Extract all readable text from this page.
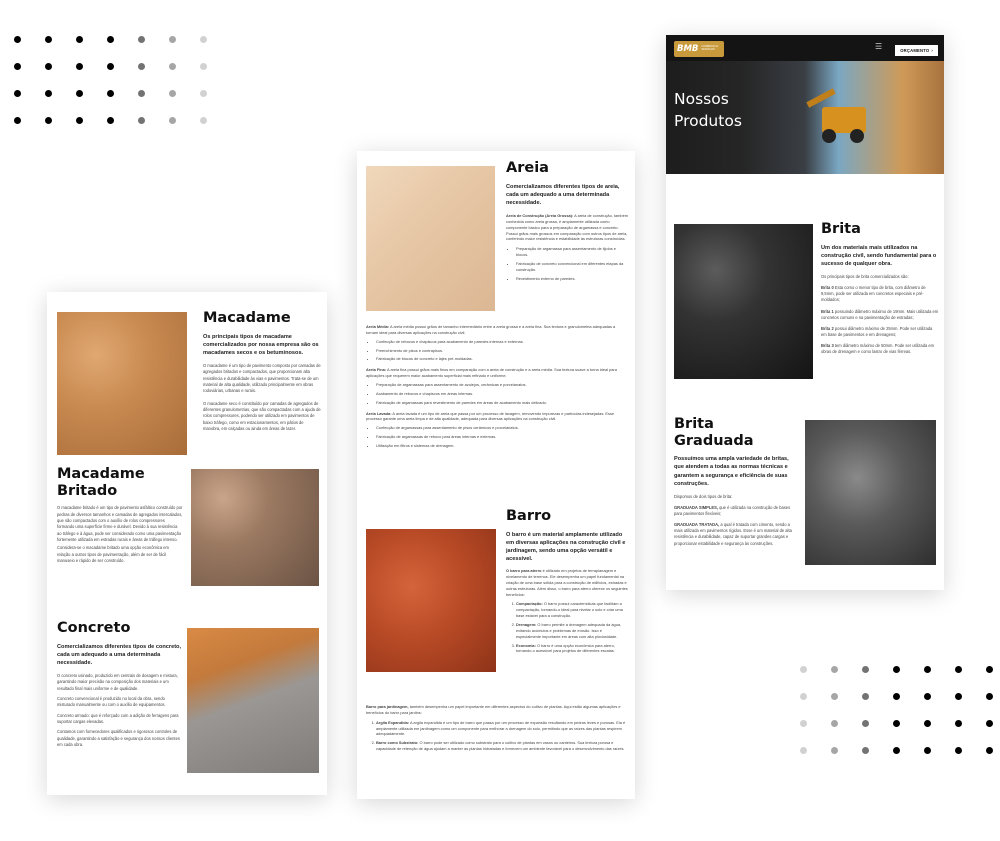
Macadame
Os principais tipos de macadame comercializados por nossa empresa são os macadames secos e os betuminosos.
O macadame é um tipo de pavimento composto por camadas de agregados britados e compactados, que proporcionam alta resistência e durabilidade às vias e pavimentos. Trata-se de um material de alta qualidade, utilizado principalmente em obras rodoviárias, urbanas e rurais.
O macadame seco é constituído por camadas de agregados de diferentes granulometrias, que são compactadas com a ajuda de rolos compressores, podendo ser utilizado em pavimentos de baixo tráfego, como em estacionamentos, em pátios de manobra, em calçadas ou ainda em áreas de lazer.
Macadame Britado
O macadame britado é um tipo de pavimento asfáltico construído por pedras de diversos tamanhos e camadas de agregados intercalados, que são compactados com o auxílio de rolos compressores formando uma superfície firme e durável. Devido à sua resistência ao tráfego e à água, pode ser considerado como uma pavimentação fortemente utilizada em estradas rurais e áreas de tráfego intenso.
Considera-se o macadame britado uma opção econômica em relação a outros tipos de pavimentação, além de ser de fácil manuseio e rápido de ser construído.
Concreto
Comercializamos diferentes tipos de concreto, cada um adequado a uma determinada necessidade.
O concreto usinado, produzido em centrais de dosagem e mistura, garantindo maior precisão na composição dos materiais e um resultado final mais uniforme e de qualidade.
Concreto convencional é produzido no local da obra, sendo misturado manualmente ou com o auxílio de equipamentos.
Concreto armado: que é reforçado com a adição de ferragens para suportar cargas elevadas.
Contamos com fornecedores qualificados e rigorosos controles de qualidade, garantindo a satisfação e segurança dos nossos clientes em cada obra.
Areia
Comercializamos diferentes tipos de areia, cada um adequado a uma determinada necessidade.
Areia de Construção (Areia Grossa): A areia de construção, também conhecida como areia grossa, é amplamente utilizada como componente básico para a preparação de argamassa e concreto. Possui grãos mais grossos em comparação com outros tipos de areia, conferindo maior resistência e estabilidade às estruturas construídas.
• Preparação de argamassa para assentamento de tijolos e blocos.
• Fabricação de concreto convencional em diferentes etapas da construção.
• Revestimento externo de paredes.
Areia Média: A areia média possui grãos de tamanho intermediário entre a areia grossa e a areia fina. Sua textura e granulometria adequadas a tornam ideal para diversas aplicações na construção civil.
• Confecção de rebocos e chapiscos para acabamento de paredes internas e externas.
• Preenchimento de pisos e contrapisos.
• Fabricação de blocos de concreto e lajes pré-moldadas.
Areia Fina: A areia fina possui grãos mais finos em comparação com a areia de construção e a areia média. Sua textura suave a torna ideal para aplicações que requerem maior acabamento superficial mais refinado e uniforme.
• Preparação de argamassas para assentamento de azulejos, cerâmicas e porcelanatos.
• Acabamento de rebocos e chapiscos em áreas internas.
• Fabricação de argamassas para revestimento de paredes em áreas de acabamento mais delicado.
Areia Lavada: A areia lavada é um tipo de areia que passa por um processo de lavagem, removendo impurezas e partículas indesejadas. Esse processo garante uma areia limpa e de alta qualidade, adequada para diversas aplicações na construção civil.
• Confecção de argamassas para assentamento de pisos cerâmicos e porcelanatos.
• Fabricação de argamassas de reboco para áreas internas e externas.
• Utilização em filtros e sistemas de drenagem.
Barro
O barro é um material amplamente utilizado em diversas aplicações na construção civil e jardinagem, sendo uma opção versátil e acessível.
O barro para aterro é utilizado em projetos de terraplanagem e nivelamento de terrenos. Ele desempenha um papel fundamental na criação de uma base sólida para a construção de edifícios, estradas e outras estruturas. Além disso, o barro para aterro oferece os seguintes benefícios:
1. Compactação: O barro possui características que facilitam a compactação, tornando-o ideal para nivelar o solo e criar uma base estável para a construção.
2. Drenagem: O barro permite a drenagem adequada da água, evitando acúmulos e problemas de erosão. Isso é especialmente importante em áreas com alta pluviosidade.
3. Economia: O barro é uma opção econômica para aterro, tornando-o acessível para projetos de diferentes escalas.
Barro para jardinagem, também desempenha um papel importante em diferentes aspectos do cultivo de plantas. Aqui estão algumas aplicações e benefícios do barro para jardins:
1. Argila Expandida: A argila expandida é um tipo de barro que passa por um processo de expansão resultando em pedras leves e porosas. Ela é amplamente utilizada em jardinagem como um componente para melhorar a drenagem do solo, permitindo que as raízes das plantas respirem adequadamente.
2. Barro como Substrato: O barro pode ser utilizado como substrato para o cultivo de plantas em vasos ou canteiros. Sua textura porosa e capacidade de retenção de água ajudam a manter as plantas hidratadas e fornecem um ambiente favorável para o desenvolvimento das raízes.
BMB	COMÉRCIO E SERVIÇOS	☰	ORÇAMENTO ›
Nossos
Produtos
Brita
Um dos materiais mais utilizados na construção civil, sendo fundamental para o sucesso de qualquer obra.
Os principais tipos de brita comercializados são:
Brita 0 Esta como o menor tipo de brita, com diâmetro de 9,5mm, pode ser utilizada em concretos especiais e pré-moldados;
Brita 1 possuindo diâmetro máximo de 19mm. Mais utilizada em concretos comuns e na pavimentação de estradas;
Brita 2 possui diâmetro máximo de 25mm. Pode ser utilizada em base de pavimentos e em drenagens;
Brita 3 tem diâmetro máximo de 50mm. Pode ser utilizada em obras de drenagem e como lastro de vias férreas.
Brita Graduada
Possuímos uma ampla variedade de britas, que atendem a todas as normas técnicas e garantem a segurança e eficiência de suas construções.
Dispomos de dois tipos de brita:
GRADUADA SIMPLES, que é utilizada na construção de bases para pavimentos flexíveis;
GRADUADA TRATADA, a qual é tratada com cimento, sendo a mais utilizada em pavimentos rígidos. Esse é um material de alta resistência e durabilidade, capaz de suportar grandes cargas e proporcionar estabilidade e segurança às construções.
